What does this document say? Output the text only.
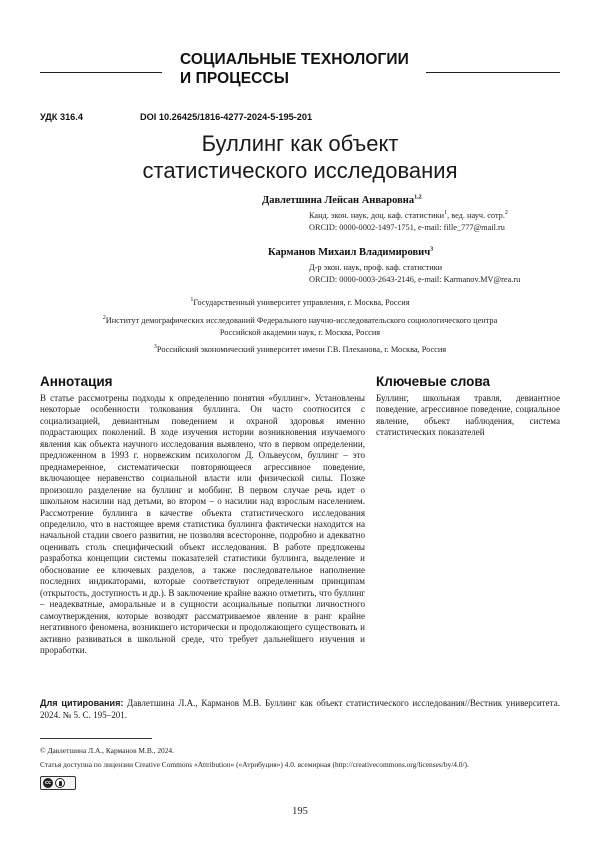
СОЦИАЛЬНЫЕ ТЕХНОЛОГИИ
И ПРОЦЕССЫ
УДК 316.4	DOI 10.26425/1816-4277-2024-5-195-201
Буллинг как объект
статистического исследования
Давлетшина Лейсан Анваровна$^{1,2}$
Канд. экон. наук, доц. каф. статистики$^1$, вед. науч. сотр.$^2$
ORCID: 0000-0002-1497-1751, e-mail: fille_777@mail.ru
Карманов Михаил Владимирович$^3$
Д-р экон. наук, проф. каф. статистики
ORCID: 0000-0003-2643-2146, e-mail: Karmanov.MV@rea.ru
$^1$Государственный университет управления, г. Москва, Россия
$^2$Институт демографических исследований Федерального научно-исследовательского социологического центра
Российской академии наук, г. Москва, Россия
$^3$Российский экономический университет имени Г.В. Плеханова, г. Москва, Россия
Аннотация
В статье рассмотрены подходы к определению понятия «буллинг». Установлены некоторые особенности толкования буллинга. Он часто соотносится с социализацией, девиантным поведением и охраной здоровья именно подрастающих поколений. В ходе изучения истории возникновения изучаемого явления как объекта научного исследования выявлено, что в первом определении, предложенном в 1993 г. норвежским психологом Д. Ольвеусом, буллинг – это преднамеренное, систематически повторяющееся агрессивное поведение, включающее неравенство социальной власти или физической силы. Позже произошло разделение на буллинг и моббинг. В первом случае речь идет о школьном насилии над детьми, во втором – о насилии над взрослым населением. Рассмотрение буллинга в качестве объекта статистического исследования определило, что в настоящее время статистика буллинга фактически находится на начальной стадии своего развития, не позволяя всесторонне, подробно и адекватно оценивать столь специфический объект исследования. В работе предложены разработка концепции системы показателей статистики буллинга, выделение и обоснование ее ключевых разделов, а также последовательное наполнение последних индикаторами, которые соответствуют определенным принципам (открытость, доступность и др.). В заключение крайне важно отметить, что буллинг – неадекватные, аморальные и в сущности асоциальные попытки личностного самоутверждения, которые возводят рассматриваемое явление в ранг крайне негативного феномена, возникшего исторически и продолжающего существовать и активно развиваться в школьной среде, что требует дальнейшего изучения и проработки.
Ключевые слова
Буллинг, школьная травля, девиантное поведение, агрессивное поведение, социальное явление, объект наблюдения, система статистических показателей
Для цитирования: Давлетшина Л.А., Карманов М.В. Буллинг как объект статистического исследования//Вестник университета. 2024. № 5. С. 195–201.
© Давлетшина Л.А., Карманов М.В., 2024.
Статья доступна по лицензии Creative Commons «Attribution» («Атрибуция») 4.0. всемирная (http://creativecommons.org/licenses/by/4.0/).
cc
195
